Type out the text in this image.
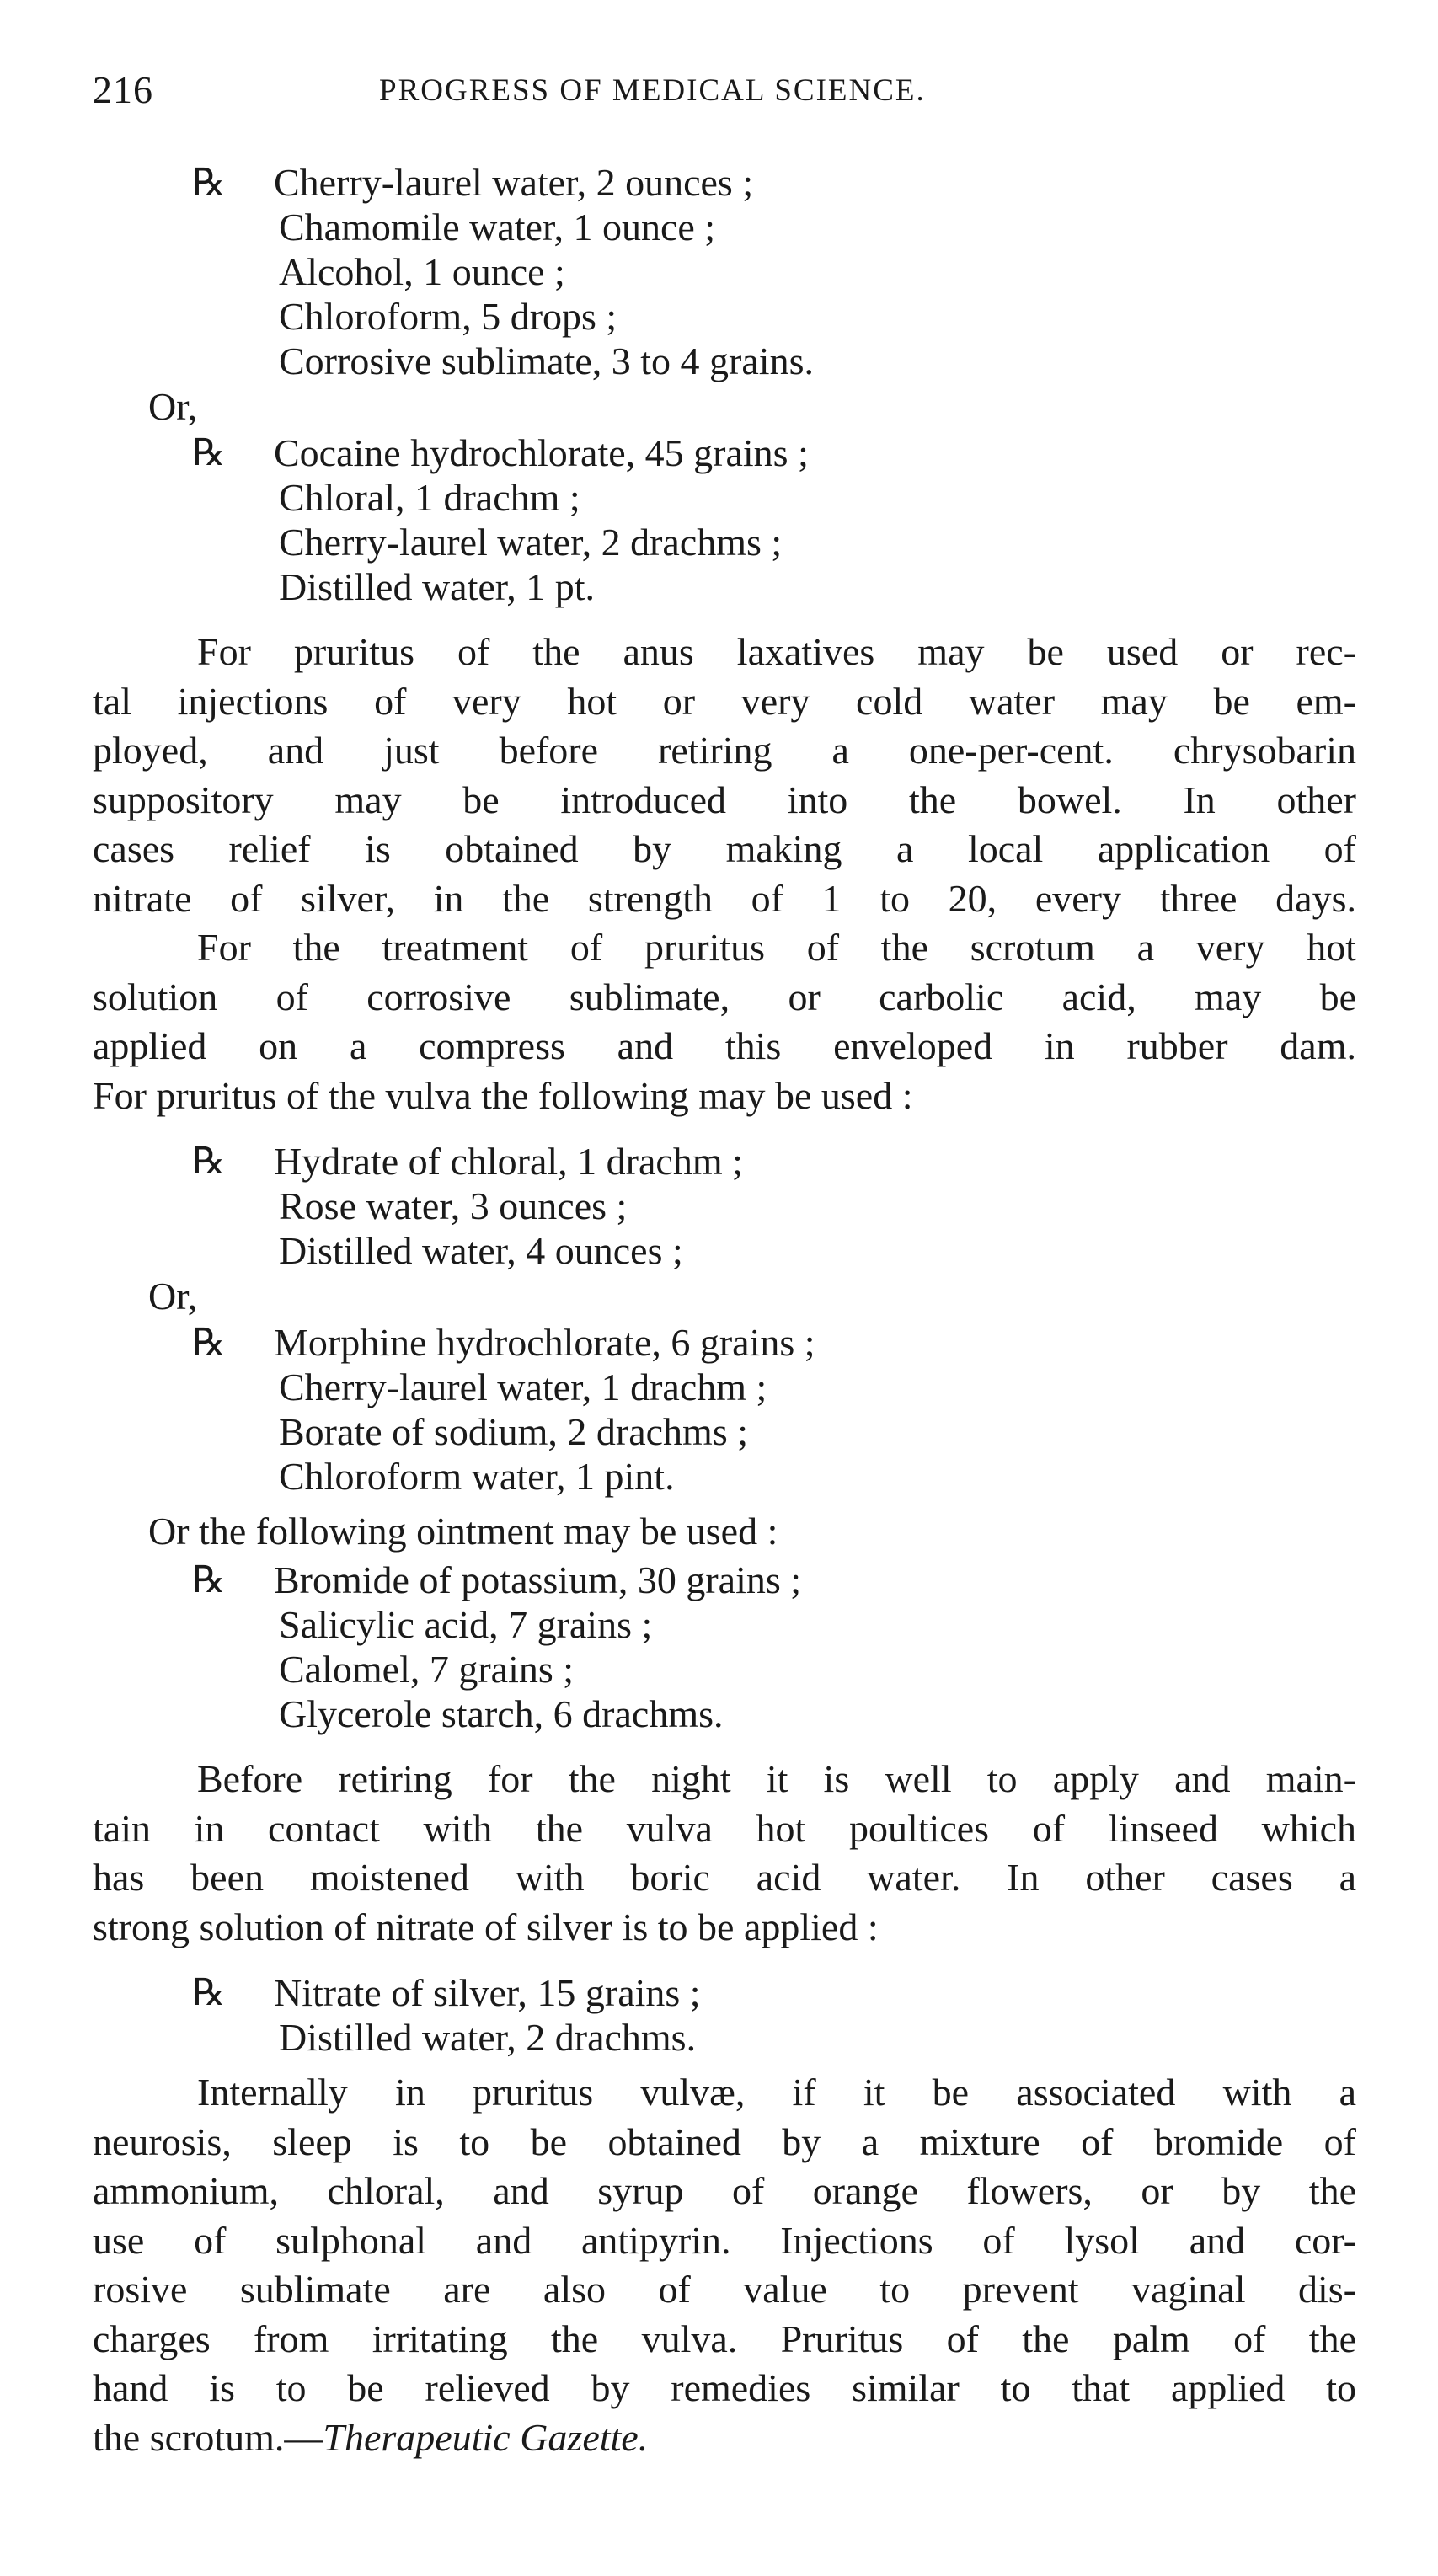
216	PROGRESS OF MEDICAL SCIENCE.
℞ Cherry-laurel water, 2 ounces ;
Chamomile water, 1 ounce ;
Alcohol, 1 ounce ;
Chloroform, 5 drops ;
Corrosive sublimate, 3 to 4 grains.
Or,
℞ Cocaine hydrochlorate, 45 grains ;
Chloral, 1 drachm ;
Cherry-laurel water, 2 drachms ;
Distilled water, 1 pt.
For pruritus of the anus laxatives may be used or rec-
tal injections of very hot or very cold water may be em-
ployed, and just before retiring a one-per-cent. chrysobarin
suppository may be introduced into the bowel. In other
cases relief is obtained by making a local application of
nitrate of silver, in the strength of 1 to 20, every three days.
For the treatment of pruritus of the scrotum a very hot
solution of corrosive sublimate, or carbolic acid, may be
applied on a compress and this enveloped in rubber dam.
For pruritus of the vulva the following may be used :
℞ Hydrate of chloral, 1 drachm ;
Rose water, 3 ounces ;
Distilled water, 4 ounces ;
Or,
℞ Morphine hydrochlorate, 6 grains ;
Cherry-laurel water, 1 drachm ;
Borate of sodium, 2 drachms ;
Chloroform water, 1 pint.
Or the following ointment may be used :
℞ Bromide of potassium, 30 grains ;
Salicylic acid, 7 grains ;
Calomel, 7 grains ;
Glycerole starch, 6 drachms.
Before retiring for the night it is well to apply and main-
tain in contact with the vulva hot poultices of linseed which
has been moistened with boric acid water. In other cases a
strong solution of nitrate of silver is to be applied :
℞ Nitrate of silver, 15 grains ;
Distilled water, 2 drachms.
Internally in pruritus vulvæ, if it be associated with a
neurosis, sleep is to be obtained by a mixture of bromide of
ammonium, chloral, and syrup of orange flowers, or by the
use of sulphonal and antipyrin. Injections of lysol and cor-
rosive sublimate are also of value to prevent vaginal dis-
charges from irritating the vulva. Pruritus of the palm of the
hand is to be relieved by remedies similar to that applied to
the scrotum.—Therapeutic Gazette.
